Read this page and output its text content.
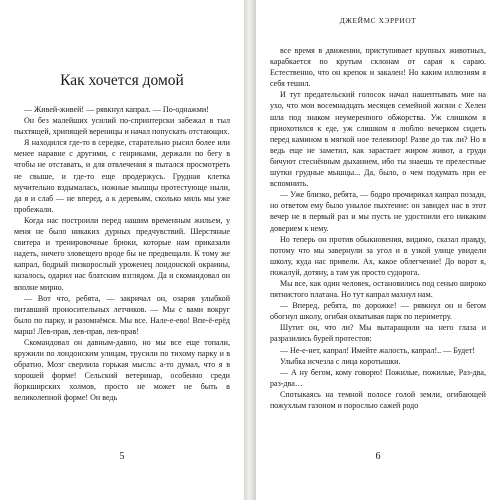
Как хочется домой

— Живей-живей! — рявкнул капрал. — По-однажми!

Он без малейших усилий по-спринтерски забежал в тыл пыхтящей, хрипящей вереницы и начал попускать отстающих.

Я находился где-то в середке, старательно рысил более или менее наравне с другими, с генриками, держали по бегу в чтобы не отставать, и для отвлечения я пытался просмотреть не свыше, и где-то еще продержусь. Грудная клетка мучительно вздымалась, ножные мышцы протестующе ныли, да я и слаб — не вперед, а к деревьям, сколько миль мы уже пробежали.

Когда нас построили перед нашим временным жильем, у меня не было никаких дурных предчувствий. Шерстяные свитера и тренировочные брюки, которые нам приказали надеть, ничего зловещего вроде бы не предвещали. К тому же капрал, бодрый пизкорослый уроженец лондонской окраины, казалось, одарил нас блатским взглядом. Да и скомандовал он вполне мирно.

— Вот что, ребята, — закричал он, озаряя улыбкой питавший проносительных летчиков. — Мы с вами вокруг было по парку, и разомнёмся. Мы все. Нале-е-ево! Впе-ё-ерёд марш! Лев-прав, лев-прав, лев-прав!

Скомандовал он давным-давно, но мы все еще топали, кружили по лондонским улицам, трусили по тихому парку и в обратно. Мозг сверлила горькая мысль: а-то думал, что я в хорошей форме! Сельский ветеринар, особенно среди йоркширских холмов, просто не может не быть в великолепной форме! Он ведь

5
ДЖЕЙМС ХЭРРИОТ

все время в движении, приступивает крупных животных, карабкается по крутым склонам от сарая к сараю. Естественно, что он крепок и закален! Но каким иллюзиям я себя тешил.

И тут предательский голосок начал нашептывать мне на ухо, что мои восемнадцать месяцев семейной жизни с Хелен шла под знаком неумеренного обжорства. Уж слишком я приохотился к еде, уж слишком я люблю вечерком сидеть перед камином в мягкой ное телевизор! Разве до так ли? Но я ведь еще не заметил, как зарастает жиром живот, а груди бичуют стеснённым дыханием, ибо ты знаешь те прелестные шутки грудные мышцы... Да, было, о чем подумать при ее вспомнить.

— Уже близко, ребята, — бодро прочирикал капрал позади, но ответом ему было унылое пыхтение: он завидел нас в этот вечер не в первый раз и мы пусть не удостоили его никаким доверием к нему.

Но теперь он против обыкновения, видимо, сказал правду, потому что мы завернули за угол и в узкой улице увидели школу, куда нас привели. Ах, какое облегчение! До ворот я, пожалуй, дотяну, а там уж просто судорога.

Мы все, как один человек, остановились под сенью широко пятнистого платана. Но тут капрал махнул нам.

— Вперед, ребята, по дорожке! — рявкнул он и бегом обогнул школу, огибая охватывая парк по периметру.

Шутит он, что ли? Мы вытаращили на него глаза и разразились бурей протестов:

— Не-е-нет, капрал! Имейте жалость, капрал!.. — Будет!

Улыбка исчезла с лица коротышки.

— А ну бегом, кому говорю! Пожилые, пожилые, Раз-два, раз-два…

Спотыкаясь на темной полосе голой земли, огибающей пожухлым газоном и порослью сажей родо

6
